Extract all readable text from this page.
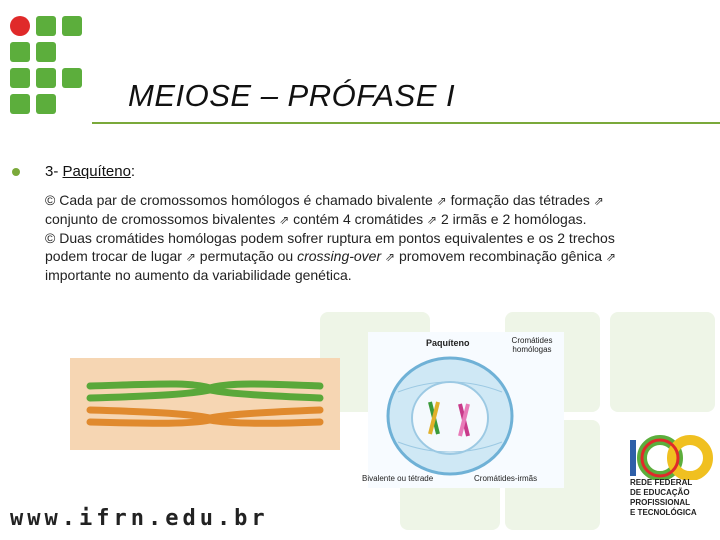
MEIOSE – PRÓFASE I
3- Paquíteno:
© Cada par de cromossomos homólogos é chamado bivalente ⇗ formação das tétrades ⇗ conjunto de cromossomos bivalentes ⇗ contém 4 cromátides ⇗ 2 irmãs e 2 homólogas.
© Duas cromátides homólogas podem sofrer ruptura em pontos equivalentes e os 2 trechos podem trocar de lugar ⇗ permutação ou crossing-over ⇗ promovem recombinação gênica ⇗ importante no aumento da variabilidade genética.
Paquíteno	Cromátides homólogas
Bivalente ou tétrade	Cromátides-irmãs
www.ifrn.edu.br
REDE FEDERAL
DE EDUCAÇÃO
PROFISSIONAL
E TECNOLÓGICA
